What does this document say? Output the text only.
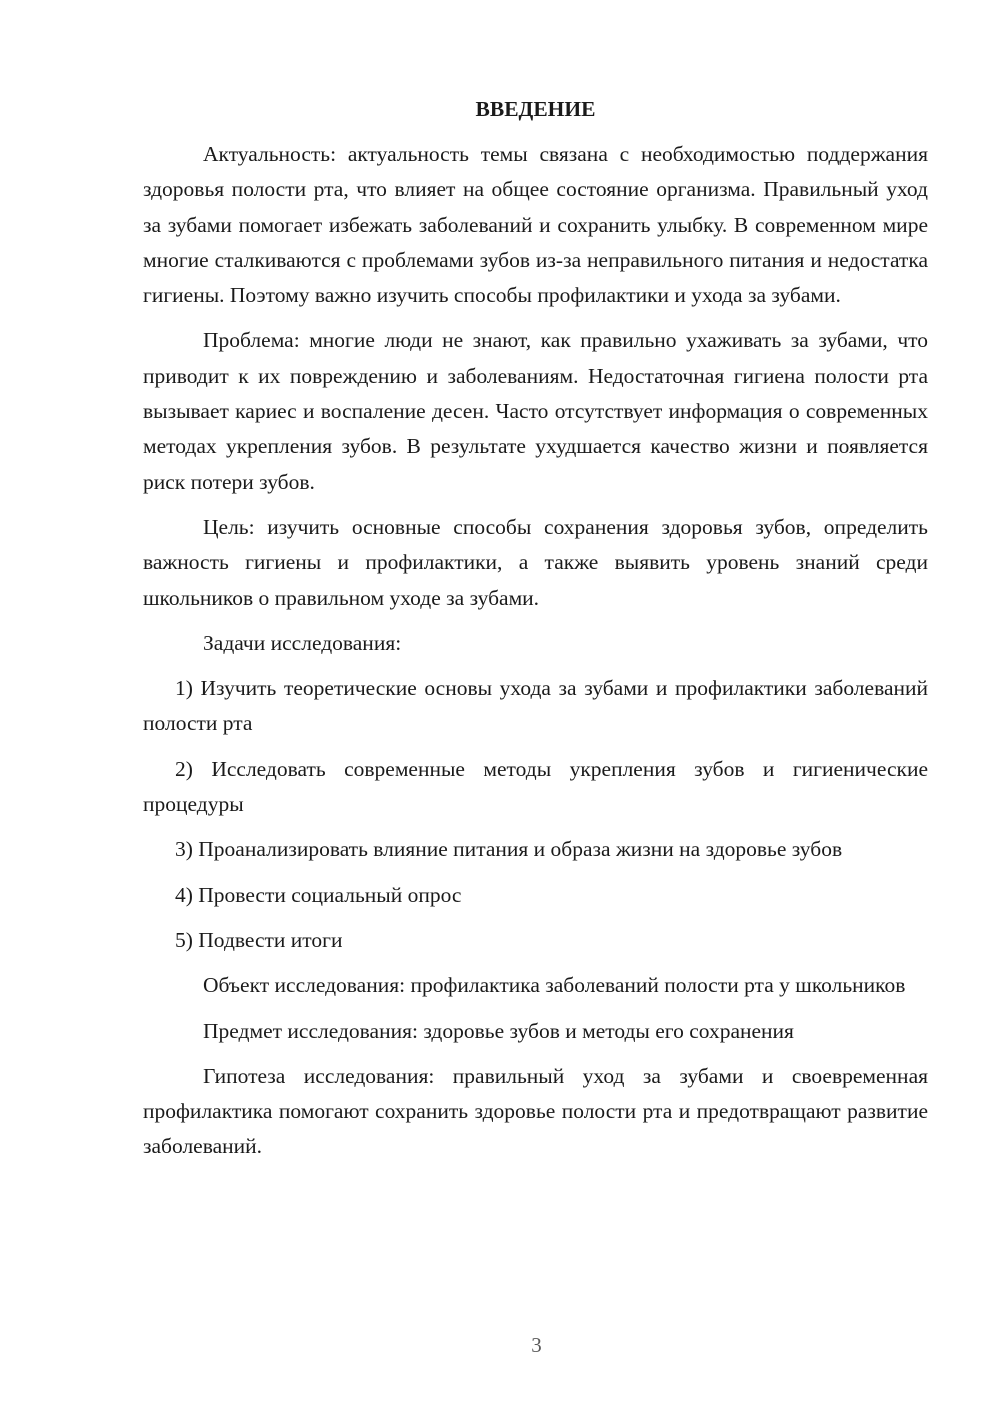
ВВЕДЕНИЕ
Актуальность: актуальность темы связана с необходимостью поддержания здоровья полости рта, что влияет на общее состояние организма. Правильный уход за зубами помогает избежать заболеваний и сохранить улыбку. В современном мире многие сталкиваются с проблемами зубов из-за неправильного питания и недостатка гигиены. Поэтому важно изучить способы профилактики и ухода за зубами.
Проблема: многие люди не знают, как правильно ухаживать за зубами, что приводит к их повреждению и заболеваниям. Недостаточная гигиена полости рта вызывает кариес и воспаление десен. Часто отсутствует информация о современных методах укрепления зубов. В результате ухудшается качество жизни и появляется риск потери зубов.
Цель: изучить основные способы сохранения здоровья зубов, определить важность гигиены и профилактики, а также выявить уровень знаний среди школьников о правильном уходе за зубами.
Задачи исследования:
1) Изучить теоретические основы ухода за зубами и профилактики заболеваний полости рта
2) Исследовать современные методы укрепления зубов и гигиенические процедуры
3) Проанализировать влияние питания и образа жизни на здоровье зубов
4) Провести социальный опрос
5) Подвести итоги
Объект исследования: профилактика заболеваний полости рта у школьников
Предмет исследования: здоровье зубов и методы его сохранения
Гипотеза исследования: правильный уход за зубами и своевременная профилактика помогают сохранить здоровье полости рта и предотвращают развитие заболеваний.
3
